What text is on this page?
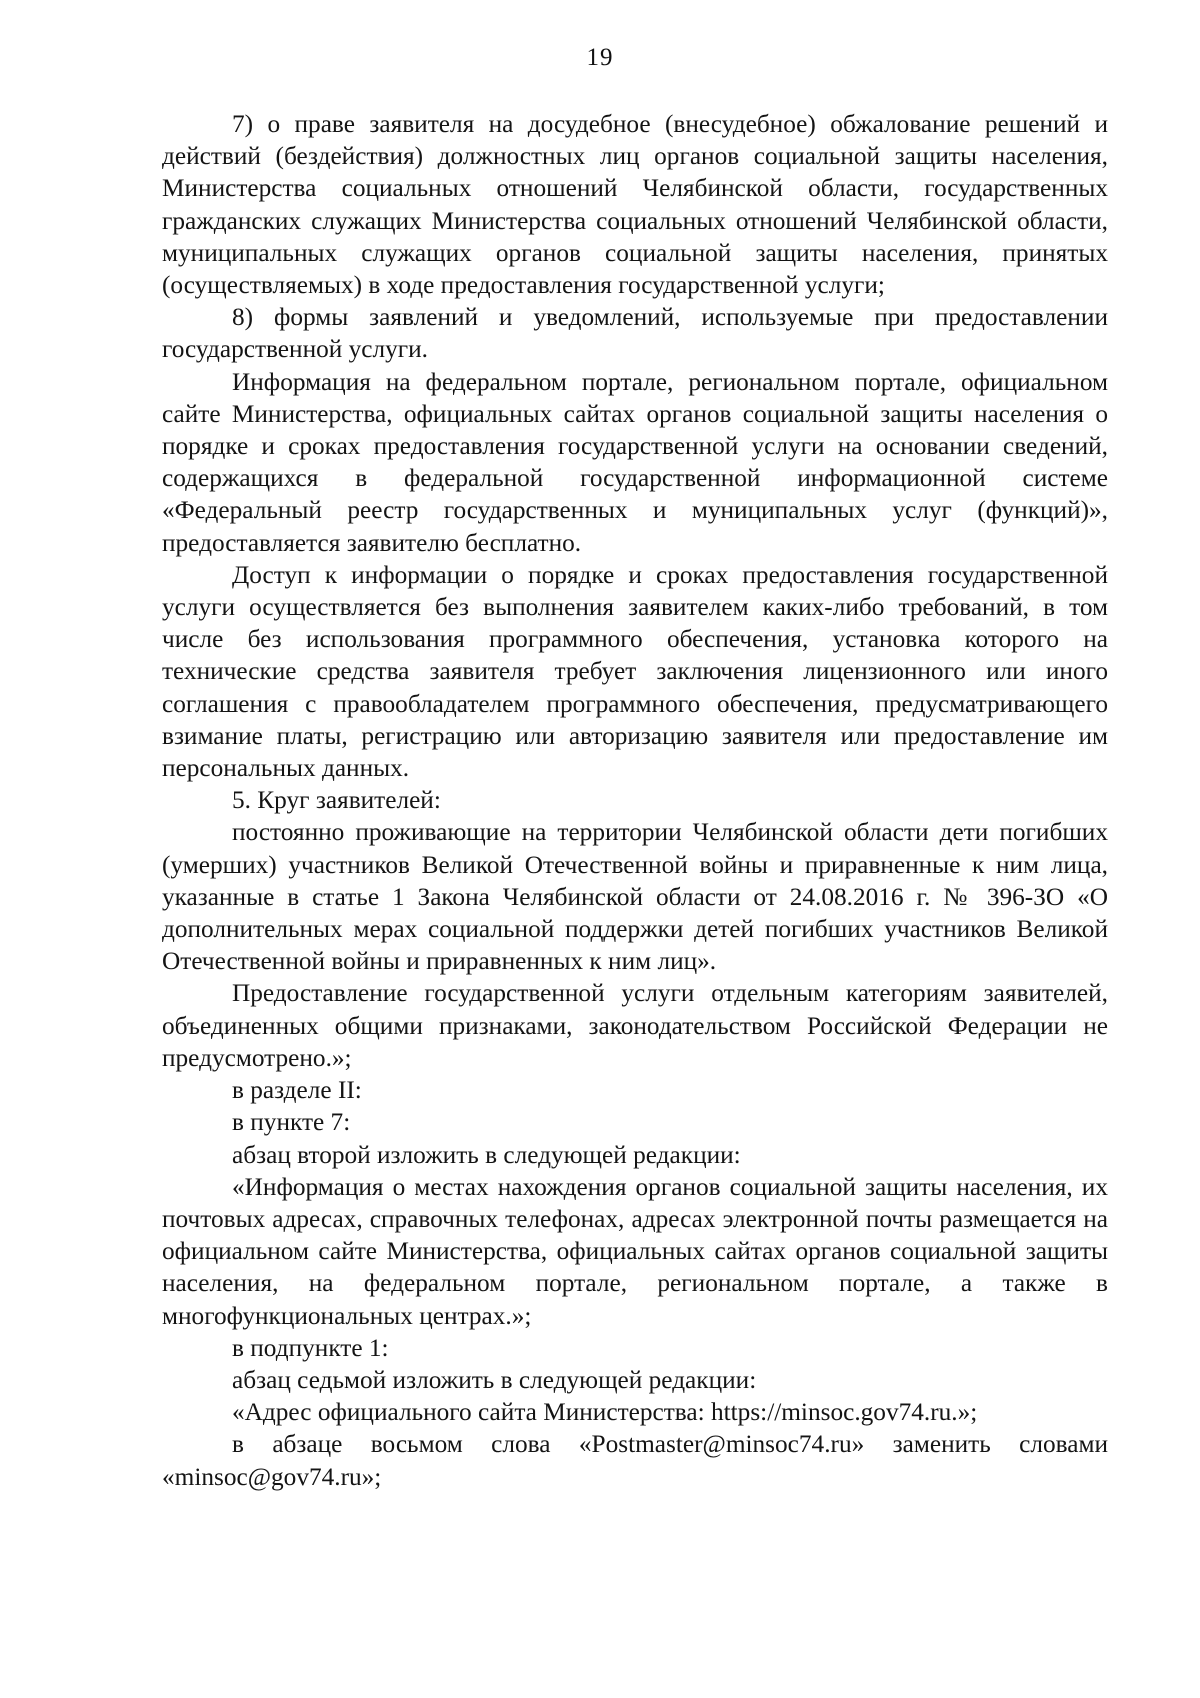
19

7) о праве заявителя на досудебное (внесудебное) обжалование решений и действий (бездействия) должностных лиц органов социальной защиты населения, Министерства социальных отношений Челябинской области, государственных гражданских служащих Министерства социальных отношений Челябинской области, муниципальных служащих органов социальной защиты населения, принятых (осуществляемых) в ходе предоставления государственной услуги;

8) формы заявлений и уведомлений, используемые при предоставлении государственной услуги.

Информация на федеральном портале, региональном портале, официальном сайте Министерства, официальных сайтах органов социальной защиты населения о порядке и сроках предоставления государственной услуги на основании сведений, содержащихся в федеральной государственной информационной системе «Федеральный реестр государственных и муниципальных услуг (функций)», предоставляется заявителю бесплатно.

Доступ к информации о порядке и сроках предоставления государственной услуги осуществляется без выполнения заявителем каких-либо требований, в том числе без использования программного обеспечения, установка которого на технические средства заявителя требует заключения лицензионного или иного соглашения с правообладателем программного обеспечения, предусматривающего взимание платы, регистрацию или авторизацию заявителя или предоставление им персональных данных.

5. Круг заявителей:

постоянно проживающие на территории Челябинской области дети погибших (умерших) участников Великой Отечественной войны и приравненные к ним лица, указанные в статье 1 Закона Челябинской области от 24.08.2016 г. № 396-ЗО «О дополнительных мерах социальной поддержки детей погибших участников Великой Отечественной войны и приравненных к ним лиц».

Предоставление государственной услуги отдельным категориям заявителей, объединенных общими признаками, законодательством Российской Федерации не предусмотрено.»;

в разделе II:

в пункте 7:

абзац второй изложить в следующей редакции:

«Информация о местах нахождения органов социальной защиты населения, их почтовых адресах, справочных телефонах, адресах электронной почты размещается на официальном сайте Министерства, официальных сайтах органов социальной защиты населения, на федеральном портале, региональном портале, а также в многофункциональных центрах.»;

в подпункте 1:

абзац седьмой изложить в следующей редакции:

«Адрес официального сайта Министерства: https://minsoc.gov74.ru.»;

в абзаце восьмом слова «Postmaster@minsoc74.ru» заменить словами «minsoc@gov74.ru»;
